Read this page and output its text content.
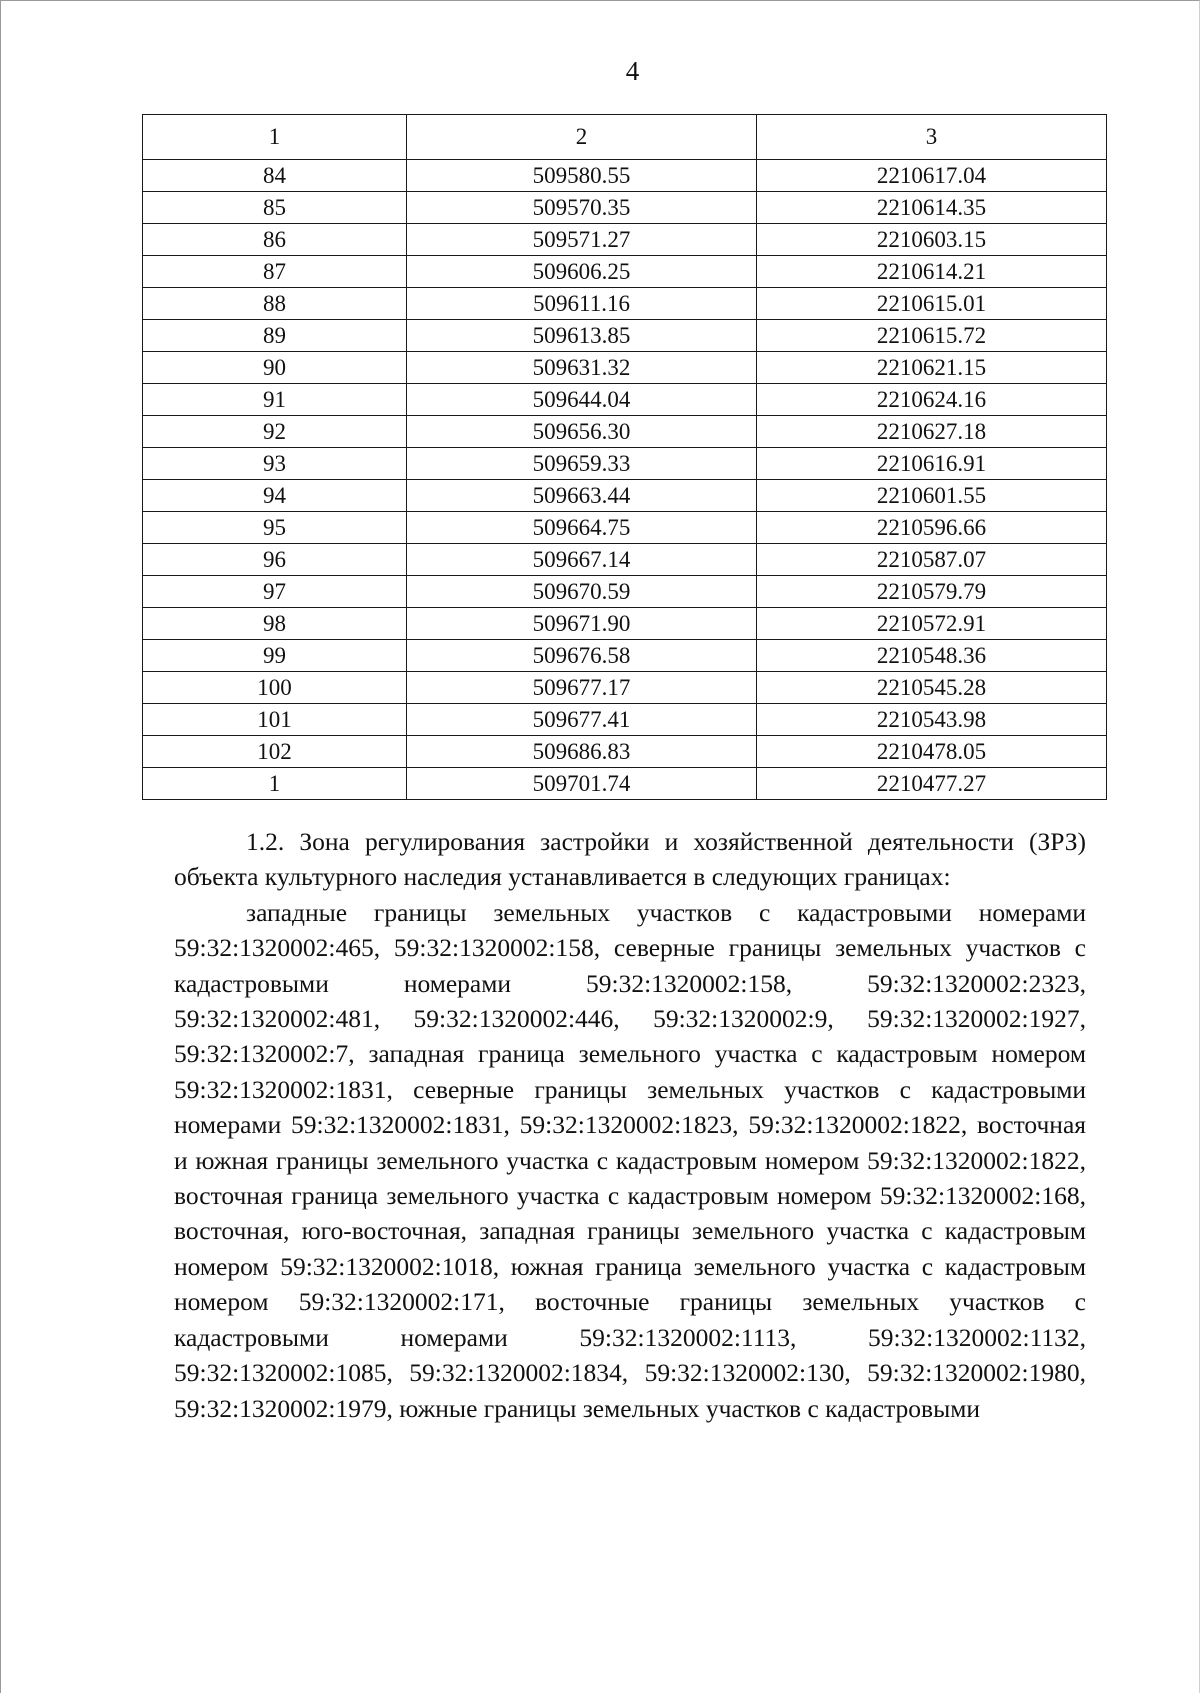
4
1	2	3
84	509580.55	2210617.04
85	509570.35	2210614.35
86	509571.27	2210603.15
87	509606.25	2210614.21
88	509611.16	2210615.01
89	509613.85	2210615.72
90	509631.32	2210621.15
91	509644.04	2210624.16
92	509656.30	2210627.18
93	509659.33	2210616.91
94	509663.44	2210601.55
95	509664.75	2210596.66
96	509667.14	2210587.07
97	509670.59	2210579.79
98	509671.90	2210572.91
99	509676.58	2210548.36
100	509677.17	2210545.28
101	509677.41	2210543.98
102	509686.83	2210478.05
1	509701.74	2210477.27

1.2. Зона регулирования застройки и хозяйственной деятельности (ЗРЗ) объекта культурного наследия устанавливается в следующих границах:

западные границы земельных участков с кадастровыми номерами 59:32:1320002:465, 59:32:1320002:158, северные границы земельных участков с кадастровыми номерами 59:32:1320002:158, 59:32:1320002:2323, 59:32:1320002:481, 59:32:1320002:446, 59:32:1320002:9, 59:32:1320002:1927, 59:32:1320002:7, западная граница земельного участка с кадастровым номером 59:32:1320002:1831, северные границы земельных участков с кадастровыми номерами 59:32:1320002:1831, 59:32:1320002:1823, 59:32:1320002:1822, восточная и южная границы земельного участка с кадастровым номером 59:32:1320002:1822, восточная граница земельного участка с кадастровым номером 59:32:1320002:168, восточная, юго-восточная, западная границы земельного участка с кадастровым номером 59:32:1320002:1018, южная граница земельного участка с кадастровым номером 59:32:1320002:171, восточные границы земельных участков с кадастровыми номерами 59:32:1320002:1113, 59:32:1320002:1132, 59:32:1320002:1085, 59:32:1320002:1834, 59:32:1320002:130, 59:32:1320002:1980, 59:32:1320002:1979, южные границы земельных участков с кадастровыми
